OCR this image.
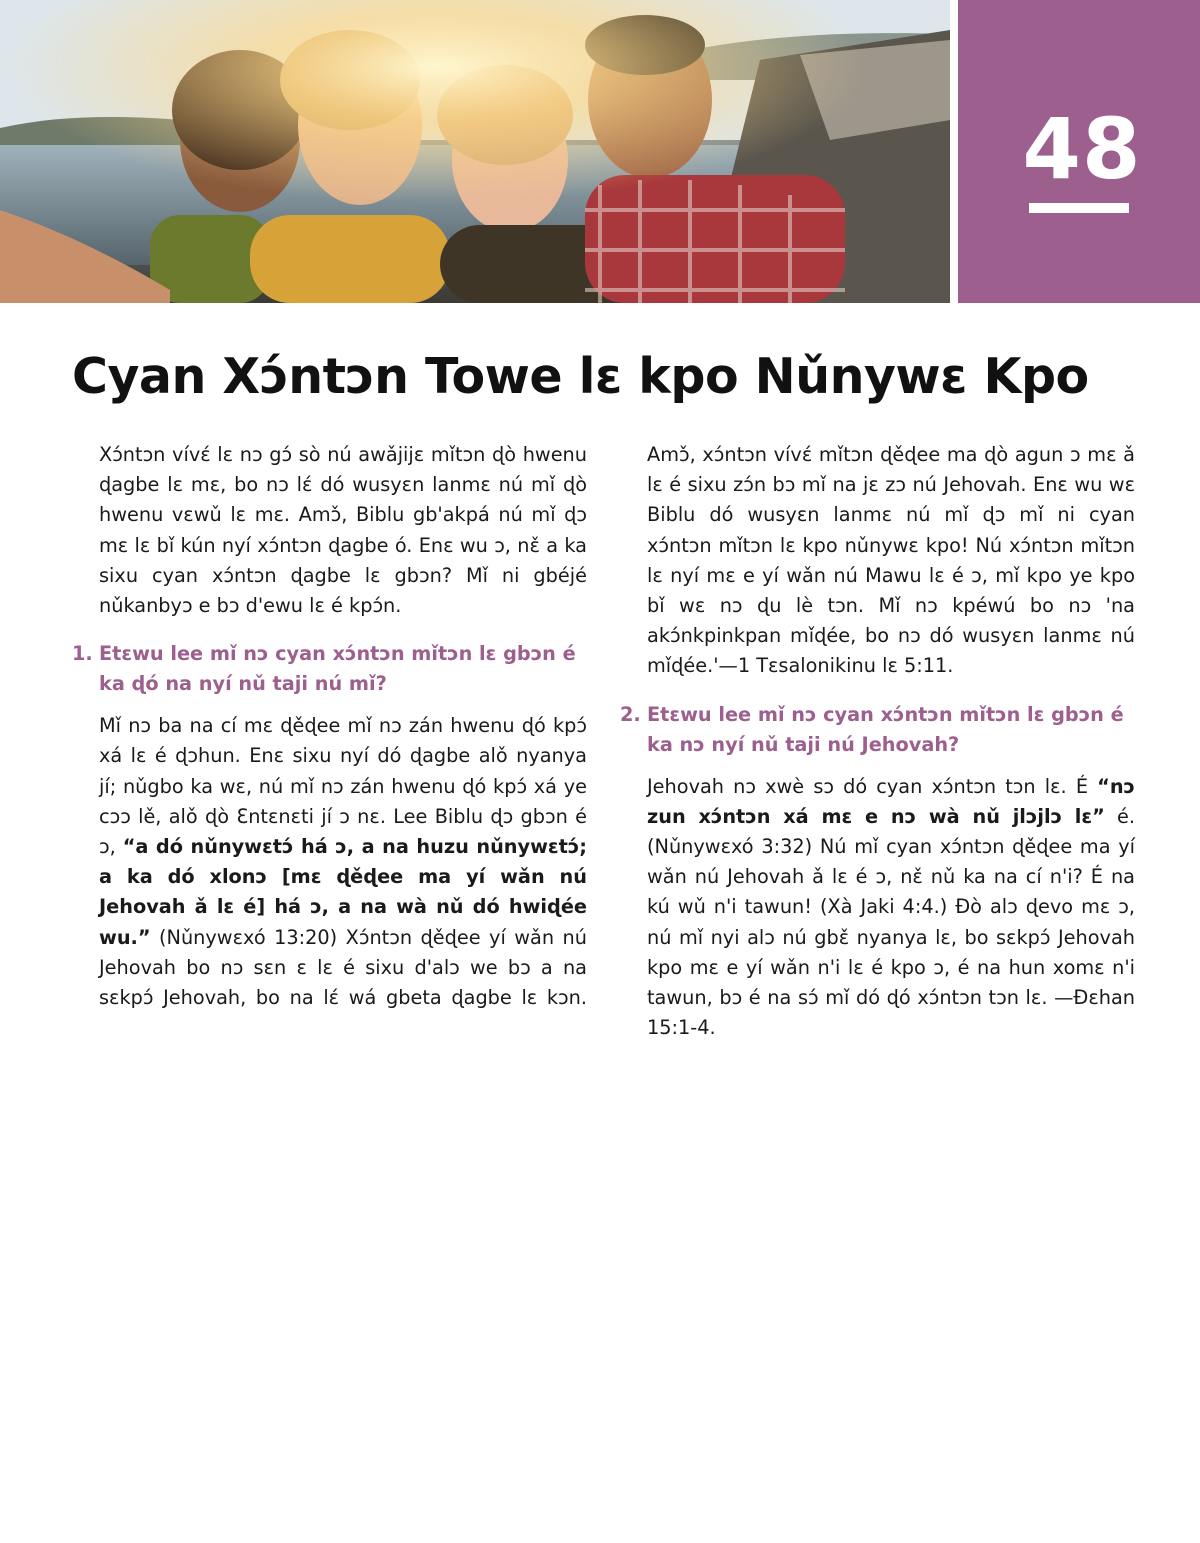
48
Cyan Xɔ́ntɔn Towe lɛ kpo Nǔnywɛ Kpo

Xɔ́ntɔn vívɛ́ lɛ nɔ gɔ́ sò nú awǎjijɛ mǐtɔn ɖò hwenu ɖagbe lɛ mɛ, bo nɔ lɛ́ dó wusyɛn lanmɛ nú mǐ ɖò hwenu vɛwǔ lɛ mɛ. Amɔ̌, Biblu gb'akpá nú mǐ ɖɔ mɛ lɛ bǐ kún nyí xɔ́ntɔn ɖagbe ó. Enɛ wu ɔ, nɛ̌ a ka sixu cyan xɔ́ntɔn ɖagbe lɛ gbɔn? Mǐ ni gbéjé nǔkanbyɔ e bɔ d'ewu lɛ é kpɔ́n.

1. Etɛwu lee mǐ nɔ cyan xɔ́ntɔn mǐtɔn lɛ gbɔn é ka ɖó na nyí nǔ taji nú mǐ?

Mǐ nɔ ba na cí mɛ ɖěɖee mǐ nɔ zán hwenu ɖó kpɔ́ xá lɛ é ɖɔhun. Enɛ sixu nyí dó ɖagbe alǒ nyanya jí; nǔgbo ka wɛ, nú mǐ nɔ zán hwenu ɖó kpɔ́ xá ye cɔɔ lě, alǒ ɖò Ɛntɛnɛti jí ɔ nɛ. Lee Biblu ɖɔ gbɔn é ɔ, “a dó nǔnywɛtɔ́ há ɔ, a na huzu nǔnywɛtɔ́; a ka dó xlonɔ [mɛ ɖěɖee ma yí wǎn nú Jehovah ǎ lɛ é] há ɔ, a na wà nǔ dó hwiɖée wu.” (Nǔnywɛxó 13:20) Xɔ́ntɔn ɖěɖee yí wǎn nú Jehovah bo nɔ sɛn ɛ lɛ é sixu d'alɔ we bɔ a na sɛkpɔ́ Jehovah, bo na lɛ́ wá gbeta ɖagbe lɛ kɔn.

Amɔ̌, xɔ́ntɔn vívɛ́ mǐtɔn ɖěɖee ma ɖò agun ɔ mɛ ǎ lɛ é sixu zɔ́n bɔ mǐ na jɛ zɔ nú Jehovah. Enɛ wu wɛ Biblu dó wusyɛn lanmɛ nú mǐ ɖɔ mǐ ni cyan xɔ́ntɔn mǐtɔn lɛ kpo nǔnywɛ kpo! Nú xɔ́ntɔn mǐtɔn lɛ nyí mɛ e yí wǎn nú Mawu lɛ é ɔ, mǐ kpo ye kpo bǐ wɛ nɔ ɖu lè tɔn. Mǐ nɔ kpéwú bo nɔ 'na akɔ́nkpinkpan mǐɖée, bo nɔ dó wusyɛn lanmɛ nú mǐɖée.'—1 Tɛsalonikinu lɛ 5:11.

2. Etɛwu lee mǐ nɔ cyan xɔ́ntɔn mǐtɔn lɛ gbɔn é ka nɔ nyí nǔ taji nú Jehovah?

Jehovah nɔ xwè sɔ dó cyan xɔ́ntɔn tɔn lɛ. É “nɔ zun xɔ́ntɔn xá mɛ e nɔ wà nǔ jlɔjlɔ lɛ” é. (Nǔnywɛxó 3:32) Nú mǐ cyan xɔ́ntɔn ɖěɖee ma yí wǎn nú Jehovah ǎ lɛ é ɔ, nɛ̌ nǔ ka na cí n'i? É na kú wǔ n'i tawun! (Xà Jaki 4:4.) Ðò alɔ ɖevo mɛ ɔ, nú mǐ nyi alɔ nú gbɛ̌ nyanya lɛ, bo sɛkpɔ́ Jehovah kpo mɛ e yí wǎn n'i lɛ é kpo ɔ, é na hun xomɛ n'i tawun, bɔ é na sɔ́ mǐ dó ɖó xɔ́ntɔn tɔn lɛ. —Ðɛhan 15:1-4.
